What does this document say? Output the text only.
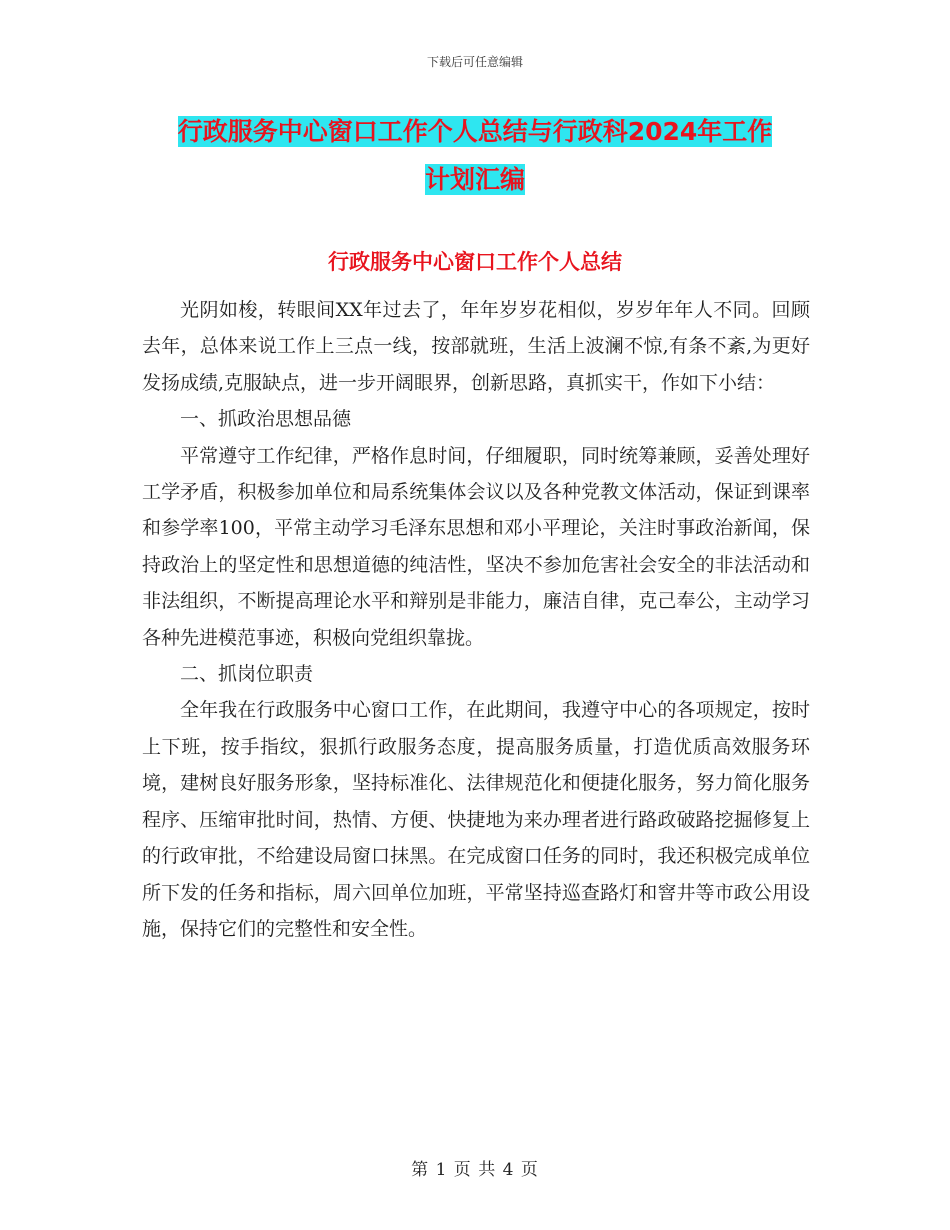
下载后可任意编辑
行政服务中心窗口工作个人总结与行政科2024年工作
计划汇编
行政服务中心窗口工作个人总结

光阴如梭，转眼间XX年过去了，年年岁岁花相似，岁岁年年人不同。回顾去年，总体来说工作上三点一线，按部就班，生活上波澜不惊,有条不紊,为更好发扬成绩,克服缺点，进一步开阔眼界，创新思路，真抓实干，作如下小结：

一、抓政治思想品德

平常遵守工作纪律，严格作息时间，仔细履职，同时统筹兼顾，妥善处理好工学矛盾，积极参加单位和局系统集体会议以及各种党教文体活动，保证到课率和参学率100，平常主动学习毛泽东思想和邓小平理论，关注时事政治新闻，保持政治上的坚定性和思想道德的纯洁性，坚决不参加危害社会安全的非法活动和非法组织，不断提高理论水平和辩别是非能力，廉洁自律，克己奉公，主动学习各种先进模范事迹，积极向党组织靠拢。

二、抓岗位职责

全年我在行政服务中心窗口工作，在此期间，我遵守中心的各项规定，按时上下班，按手指纹，狠抓行政服务态度，提高服务质量，打造优质高效服务环境，建树良好服务形象，坚持标准化、法律规范化和便捷化服务，努力简化服务程序、压缩审批时间，热情、方便、快捷地为来办理者进行路政破路挖掘修复上的行政审批，不给建设局窗口抹黑。在完成窗口任务的同时，我还积极完成单位所下发的任务和指标，周六回单位加班，平常坚持巡查路灯和窨井等市政公用设施，保持它们的完整性和安全性。

第 1 页 共 4 页
